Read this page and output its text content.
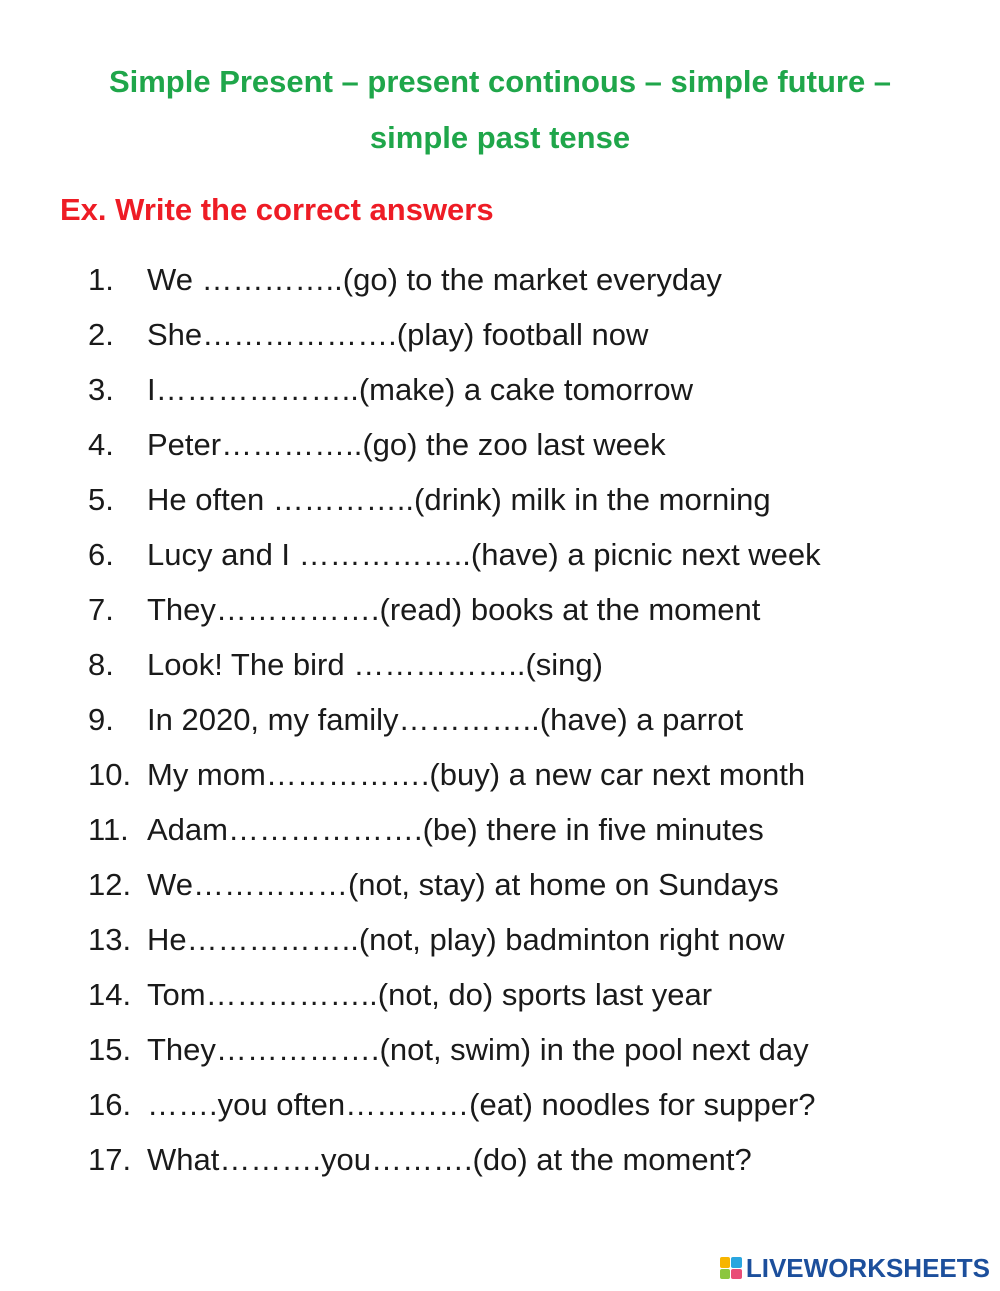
Simple Present – present continous – simple future –
simple past tense
Ex. Write the correct answers
1. We …………..(go) to the market everyday
2. She……………….(play) football now
3. I………………..(make) a cake tomorrow
4. Peter…………..(go) the zoo last week
5. He often …………..(drink) milk in the morning
6. Lucy and I ……………..(have) a picnic next week
7. They…………….(read) books at the moment
8. Look! The bird ……………..(sing)
9. In 2020, my family…………..(have) a parrot
10. My mom…………….(buy) a new car next month
11. Adam……………….(be) there in five minutes
12. We……………(not, stay) at home on Sundays
13. He……………..(not, play) badminton right now
14. Tom……………..(not, do) sports last year
15. They…………….(not, swim) in the pool next day
16. …….you often…………(eat) noodles for supper?
17. What……….you……….(do) at the moment?
LIVEWORKSHEETS
